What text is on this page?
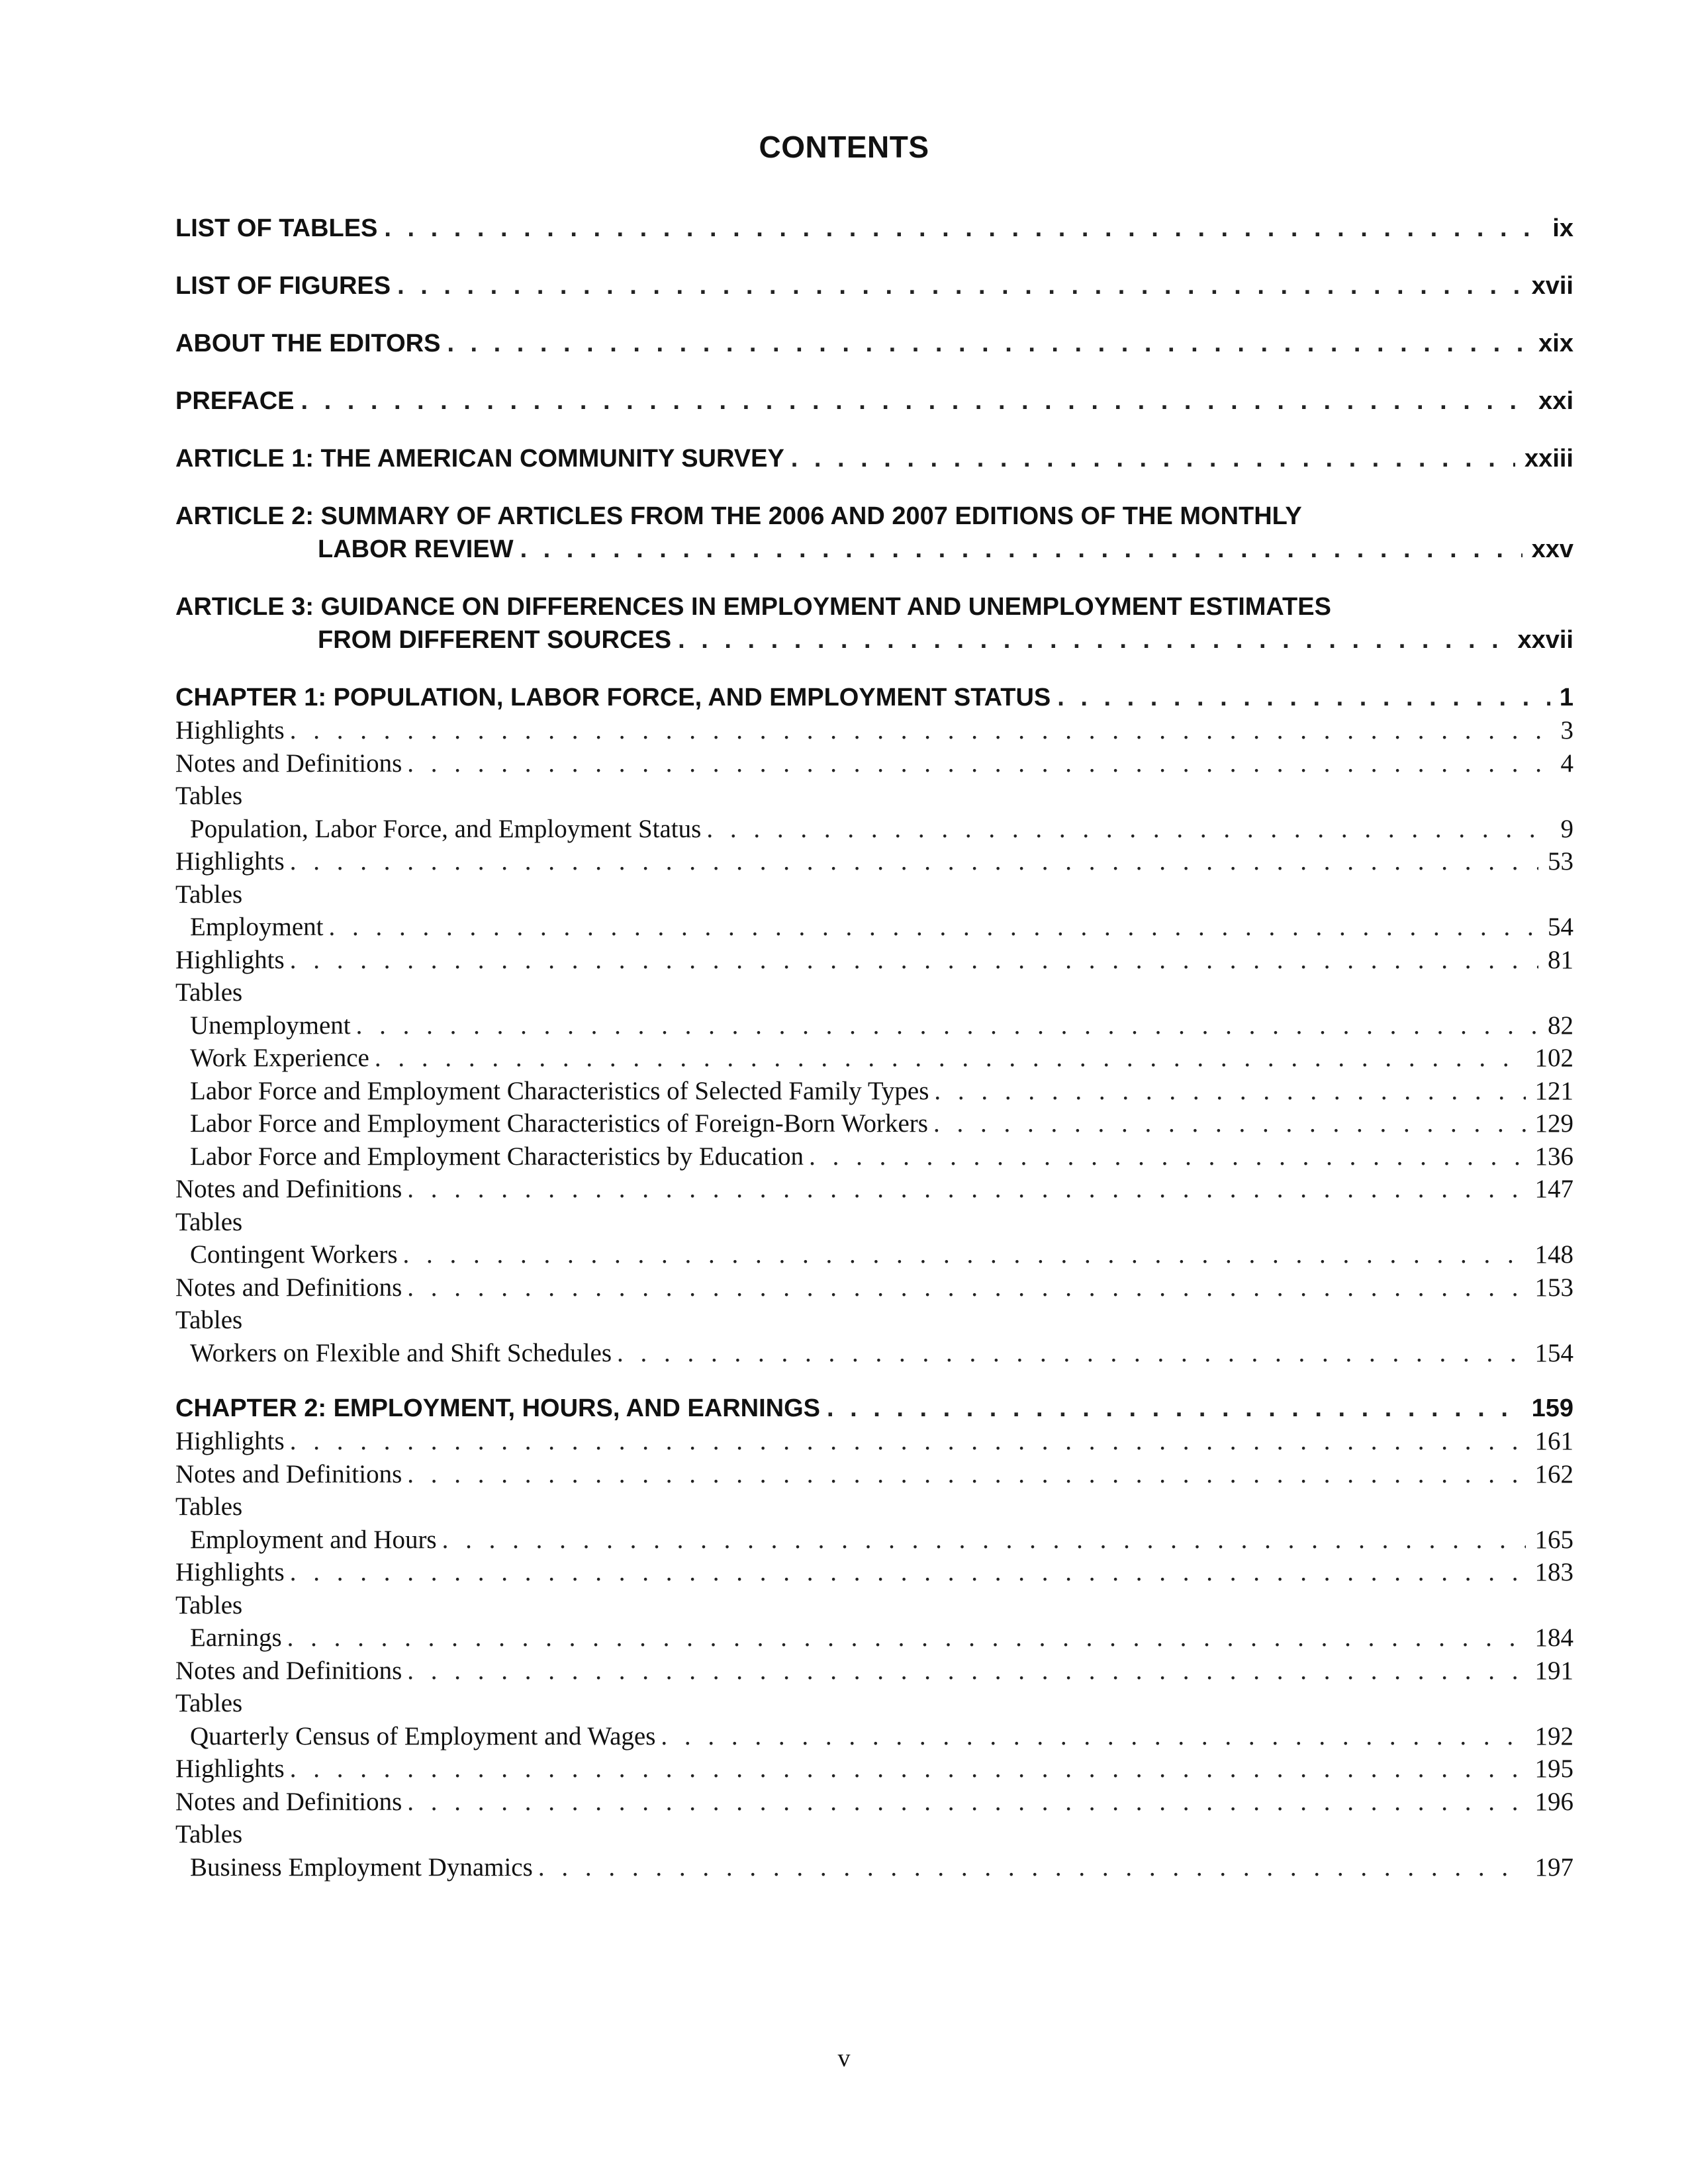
CONTENTS
LIST OF TABLES . . .	ix
LIST OF FIGURES . . .	xvii
ABOUT THE EDITORS . . .	xix
PREFACE . . .	xxi
ARTICLE 1: THE AMERICAN COMMUNITY SURVEY . . .	xxiii
ARTICLE 2: SUMMARY OF ARTICLES FROM THE 2006 AND 2007 EDITIONS OF THE MONTHLY
LABOR REVIEW . . .	xxv
ARTICLE 3: GUIDANCE ON DIFFERENCES IN EMPLOYMENT AND UNEMPLOYMENT ESTIMATES
FROM DIFFERENT SOURCES . . .	xxvii
CHAPTER 1: POPULATION, LABOR FORCE, AND EMPLOYMENT STATUS . . .	1
Highlights . . .	3
Notes and Definitions . . .	4
Tables
Population, Labor Force, and Employment Status . . .	9
Highlights . . .	53
Tables
Employment . . .	54
Highlights . . .	81
Tables
Unemployment . . .	82
Work Experience . . .	102
Labor Force and Employment Characteristics of Selected Family Types . . .	121
Labor Force and Employment Characteristics of Foreign-Born Workers . . .	129
Labor Force and Employment Characteristics by Education . . .	136
Notes and Definitions . . .	147
Tables
Contingent Workers . . .	148
Notes and Definitions . . .	153
Tables
Workers on Flexible and Shift Schedules . . .	154
CHAPTER 2: EMPLOYMENT, HOURS, AND EARNINGS . . .	159
Highlights . . .	161
Notes and Definitions . . .	162
Tables
Employment and Hours . . .	165
Highlights . . .	183
Tables
Earnings . . .	184
Notes and Definitions . . .	191
Tables
Quarterly Census of Employment and Wages . . .	192
Highlights . . .	195
Notes and Definitions . . .	196
Tables
Business Employment Dynamics . . .	197
v
